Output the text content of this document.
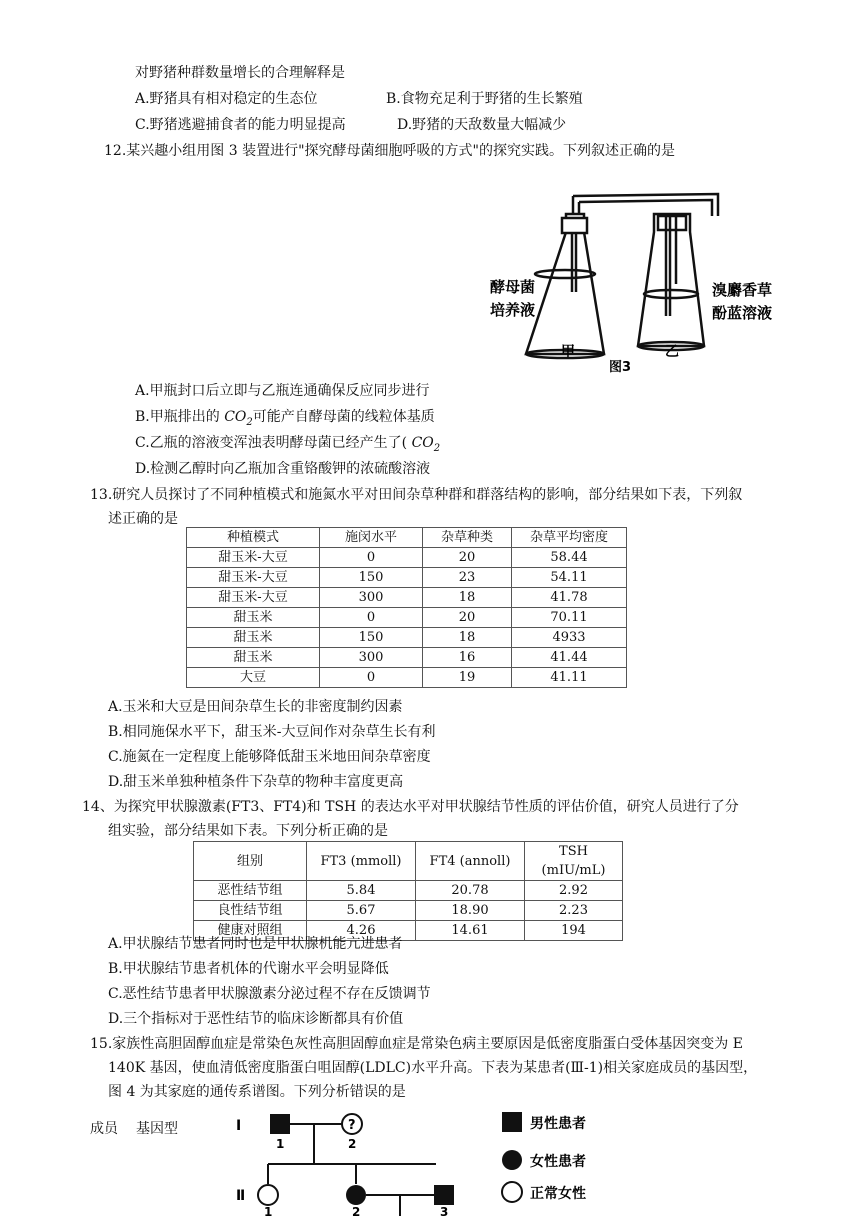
对野猪种群数量增长的合理解释是
A.野猪具有相对稳定的生态位	B.食物充足利于野猪的生长繁殖
C.野猪逃避捕食者的能力明显提高	D.野猪的天敌数量大幅减少
12.某兴趣小组用图 3 装置进行"探究酵母菌细胞呼吸的方式"的探究实践。下列叙述正确的是
酵母菌
培养液
溴麝香草
酚蓝溶液
甲	乙
图3
A.甲瓶封口后立即与乙瓶连通确保反应同步进行
B.甲瓶排出的 $CO_2$可能产自酵母菌的线粒体基质
C.乙瓶的溶液变浑浊表明酵母菌已经产生了( $CO_2$
D.检测乙醇时向乙瓶加含重铬酸钾的浓硫酸溶液
13.研究人员探讨了不同种植模式和施氮水平对田间杂草种群和群落结构的影响，部分结果如下表，下列叙
述正确的是
种植模式	施闵水平	杂草种类	杂草平均密度
甜玉米-大豆	0	20	58.44
甜玉米-大豆	150	23	54.11
甜玉米-大豆	300	18	41.78
甜玉米	0	20	70.11
甜玉米	150	18	4933
甜玉米	300	16	41.44
大豆	0	19	41.11
A.玉米和大豆是田间杂草生长的非密度制约因素
B.相同施保水平下，甜玉米-大豆间作对杂草生长有利
C.施氮在一定程度上能够降低甜玉米地田间杂草密度
D.甜玉米单独种植条件下杂草的物种丰富度更高
14、为探究甲状腺激素(FT3、FT4)和 TSH 的表达水平对甲状腺结节性质的评估价值，研究人员进行了分
组实验，部分结果如下表。下列分析正确的是
组别	FT3 (mmoll)	FT4 (annoll)	TSH (mIU/mL)
恶性结节组	5.84	20.78	2.92
良性结节组	5.67	18.90	2.23
健康对照组	4.26	14.61	194
A.甲状腺结节患者同时也是甲状腺机能亢进患者
B.甲状腺结节患者机体的代谢水平会明显降低
C.恶性结节患者甲状腺激素分泌过程不存在反馈调节
D.三个指标对于恶性结节的临床诊断都具有价值
15.家族性高胆固醇血症是常染色灰性高胆固醇血症是常染色病主要原因是低密度脂蛋白受体基因突变为 E
140K 基因，使血清低密度脂蛋白咀固醇(LDLC)水平升高。下表为某患者(Ⅲ-1)相关家庭成员的基因型，
图 4 为其家庭的通传系谱图。下列分析错误的是
成员 基因型	I
1
?
2
Ⅱ
1	2	3
男性患者
女性患者
正常女性
